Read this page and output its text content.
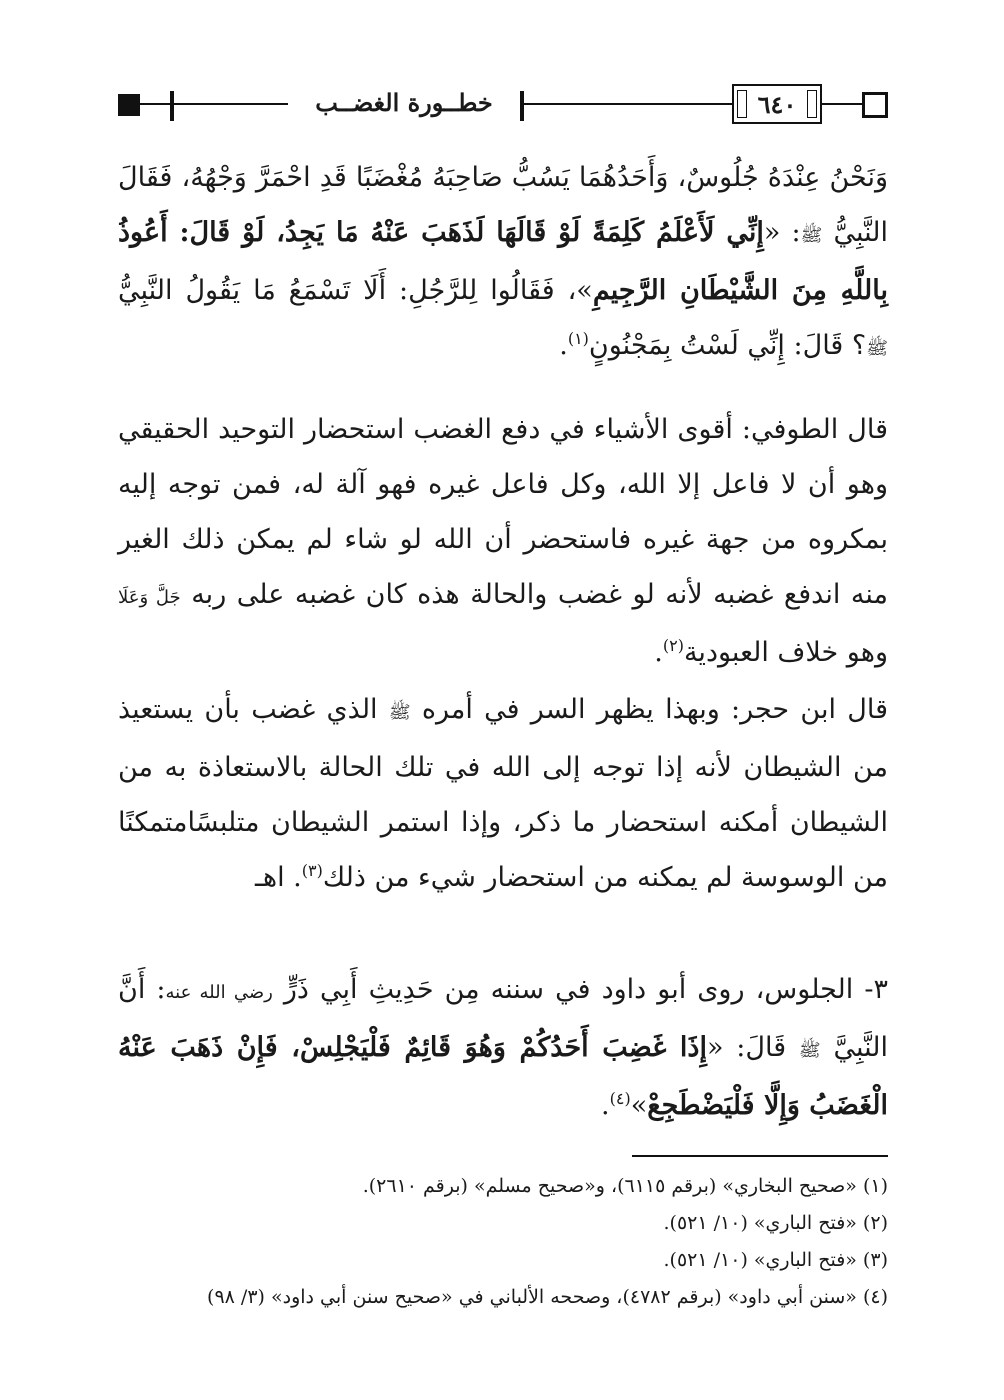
خطــورة الغضــب	٦٤٠

وَنَحْنُ عِنْدَهُ جُلُوسٌ، وَأَحَدُهُمَا يَسُبُّ صَاحِبَهُ مُغْضَبًا قَدِ احْمَرَّ وَجْهُهُ، فَقَالَ النَّبِيُّ ﷺ: «إِنِّي لَأَعْلَمُ كَلِمَةً لَوْ قَالَهَا لَذَهَبَ عَنْهُ مَا يَجِدُ، لَوْ قَالَ: أَعُوذُ بِاللَّهِ مِنَ الشَّيْطَانِ الرَّجِيمِ»، فَقَالُوا لِلرَّجُلِ: أَلَا تَسْمَعُ مَا يَقُولُ النَّبِيُّ ﷺ؟ قَالَ: إِنِّي لَسْتُ بِمَجْنُونٍ$^{(١)}$.

قال الطوفي: أقوى الأشياء في دفع الغضب استحضار التوحيد الحقيقي وهو أن لا فاعل إلا الله، وكل فاعل غيره فهو آلة له، فمن توجه إليه بمكروه من جهة غيره فاستحضر أن الله لو شاء لم يمكن ذلك الغير منه اندفع غضبه لأنه لو غضب والحالة هذه كان غضبه على ربه جَلَّ وَعَلَا وهو خلاف العبودية$^{(٢)}$.

قال ابن حجر: وبهذا يظهر السر في أمره ﷺ الذي غضب بأن يستعيذ من الشيطان لأنه إذا توجه إلى الله في تلك الحالة بالاستعاذة به من الشيطان أمكنه استحضار ما ذكر، وإذا استمر الشيطان متلبسًامتمكنًا من الوسوسة لم يمكنه من استحضار شيء من ذلك$^{(٣)}$. اهـ

٣- الجلوس، روى أبو داود في سننه مِن حَدِيثِ أَبِي ذَرٍّ رضي الله عنه: أَنَّ النَّبِيَّ ﷺ قَالَ: «إِذَا غَضِبَ أَحَدُكُمْ وَهُوَ قَائِمٌ فَلْيَجْلِسْ، فَإِنْ ذَهَبَ عَنْهُ الْغَضَبُ وَإِلَّا فَلْيَضْطَجِعْ»$^{(٤)}$.

(١) «صحيح البخاري» (برقم ٦١١٥)، و«صحيح مسلم» (برقم ٢٦١٠).

(٢) «فتح الباري» (١٠/ ٥٢١).

(٣) «فتح الباري» (١٠/ ٥٢١).

(٤) «سنن أبي داود» (برقم ٤٧٨٢)، وصححه الألباني في «صحيح سنن أبي داود» (٣/ ٩٨)
